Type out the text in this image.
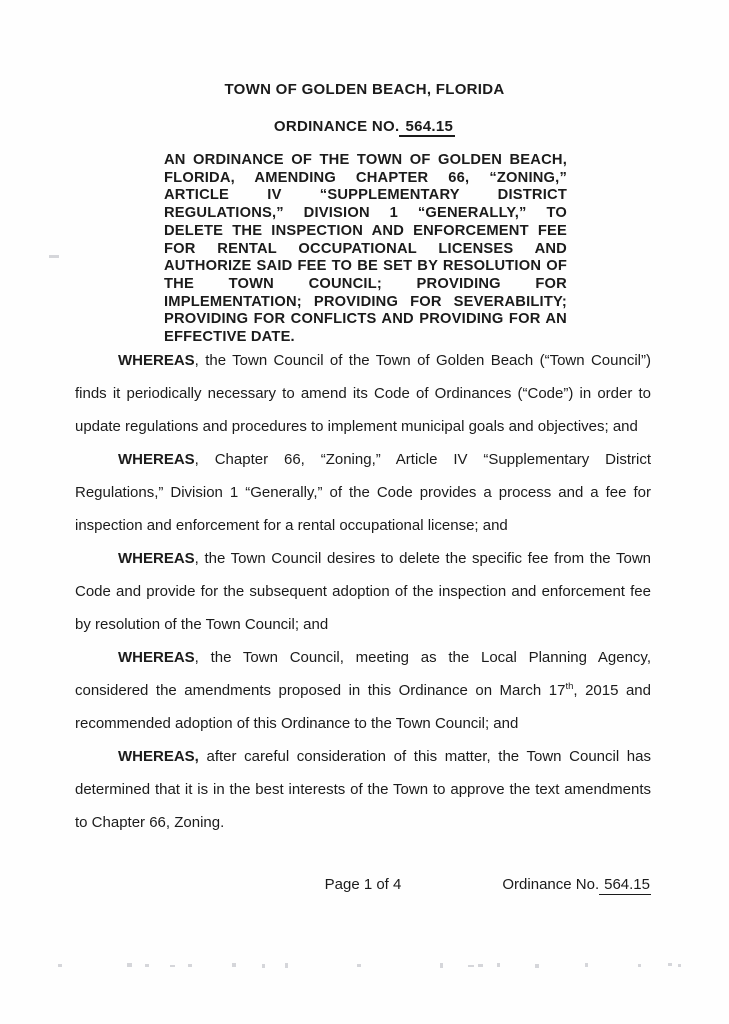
TOWN OF GOLDEN BEACH, FLORIDA
ORDINANCE NO. 564.15
AN ORDINANCE OF THE TOWN OF GOLDEN BEACH, FLORIDA, AMENDING CHAPTER 66, “ZONING,” ARTICLE IV “SUPPLEMENTARY DISTRICT REGULATIONS,” DIVISION 1 “GENERALLY,” TO DELETE THE INSPECTION AND ENFORCEMENT FEE FOR RENTAL OCCUPATIONAL LICENSES AND AUTHORIZE SAID FEE TO BE SET BY RESOLUTION OF THE TOWN COUNCIL; PROVIDING FOR IMPLEMENTATION; PROVIDING FOR SEVERABILITY; PROVIDING FOR CONFLICTS AND PROVIDING FOR AN EFFECTIVE DATE.

WHEREAS, the Town Council of the Town of Golden Beach (“Town Council”) finds it periodically necessary to amend its Code of Ordinances (“Code”) in order to update regulations and procedures to implement municipal goals and objectives; and

WHEREAS, Chapter 66, “Zoning,” Article IV “Supplementary District Regulations,” Division 1 “Generally,” of the Code provides a process and a fee for inspection and enforcement for a rental occupational license; and

WHEREAS, the Town Council desires to delete the specific fee from the Town Code and provide for the subsequent adoption of the inspection and enforcement fee by resolution of the Town Council; and

WHEREAS, the Town Council, meeting as the Local Planning Agency, considered the amendments proposed in this Ordinance on March 17th, 2015 and recommended adoption of this Ordinance to the Town Council; and

WHEREAS, after careful consideration of this matter, the Town Council has determined that it is in the best interests of the Town to approve the text amendments to Chapter 66, Zoning.

Page 1 of 4	Ordinance No. 564.15
